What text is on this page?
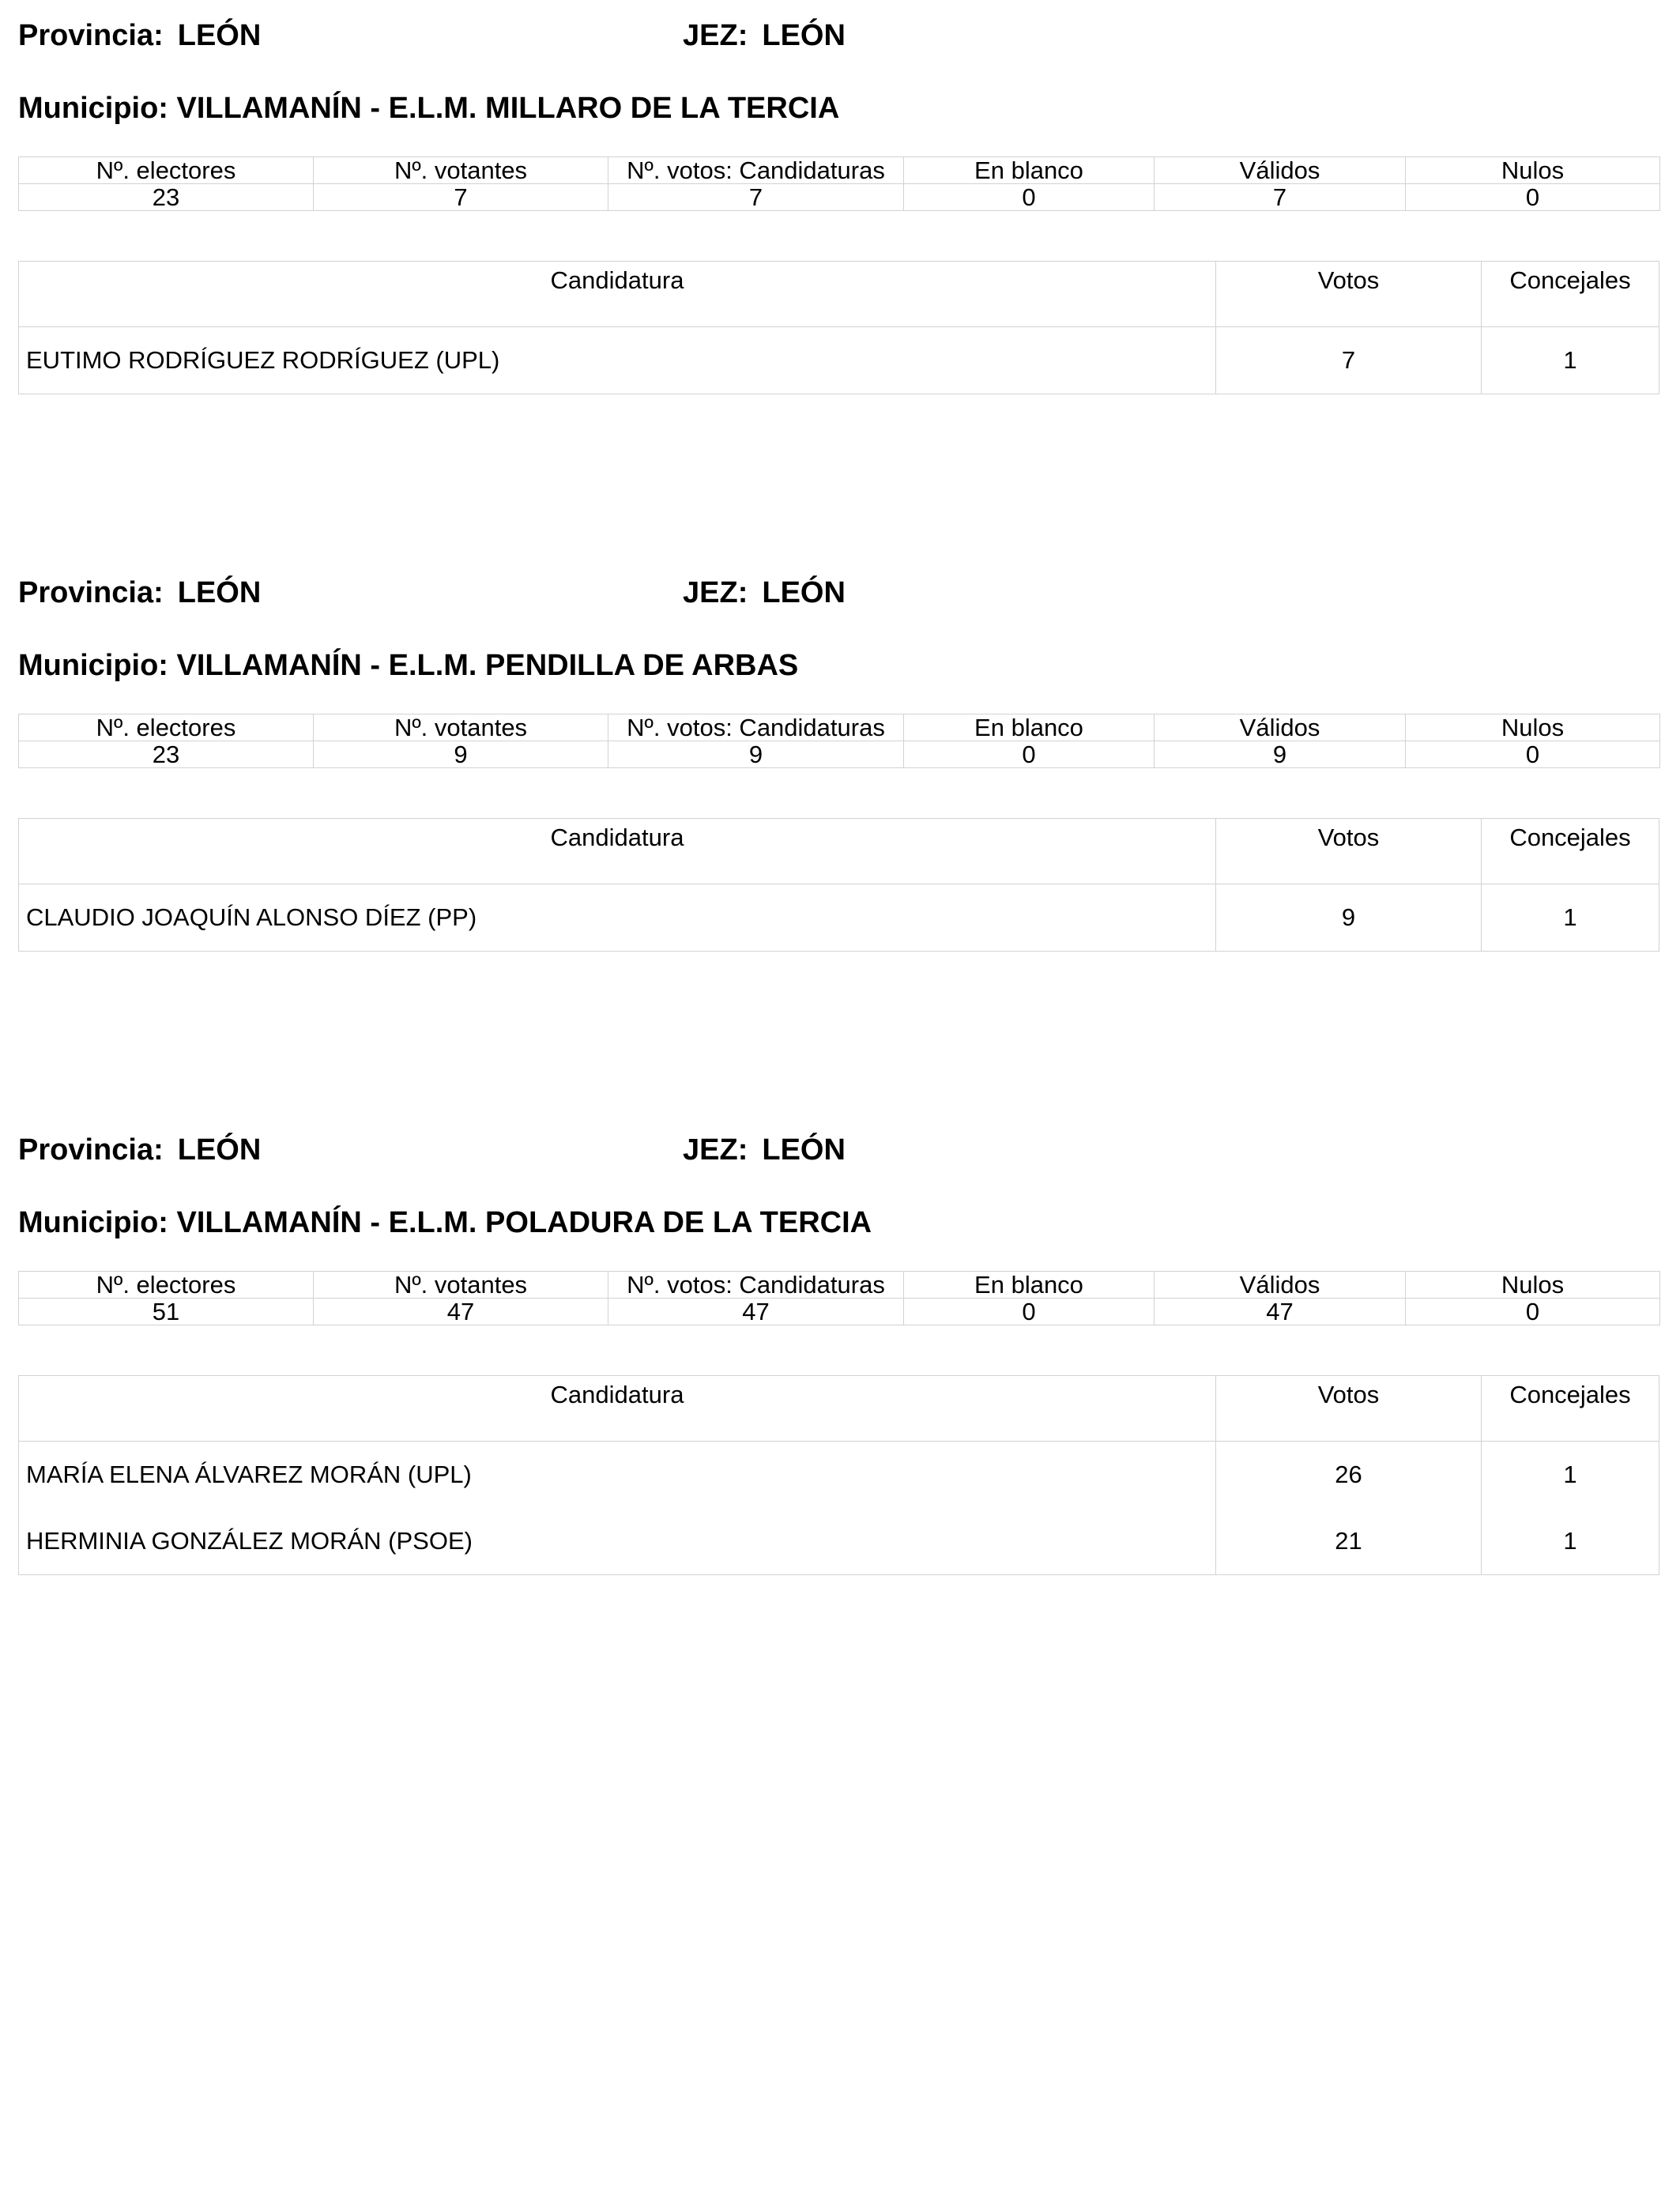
Provincia: LEÓN	JEZ: LEÓN
Municipio: VILLAMANÍN - E.L.M. MILLARO DE LA TERCIA
Nº. electores	Nº. votantes	Nº. votos: Candidaturas	En blanco	Válidos	Nulos
23	7	7	0	7	0
Candidatura	Votos	Concejales
EUTIMO RODRÍGUEZ RODRÍGUEZ (UPL)	7	1
Provincia: LEÓN	JEZ: LEÓN
Municipio: VILLAMANÍN - E.L.M. PENDILLA DE ARBAS
Nº. electores	Nº. votantes	Nº. votos: Candidaturas	En blanco	Válidos	Nulos
23	9	9	0	9	0
Candidatura	Votos	Concejales
CLAUDIO JOAQUÍN ALONSO DÍEZ (PP)	9	1
Provincia: LEÓN	JEZ: LEÓN
Municipio: VILLAMANÍN - E.L.M. POLADURA DE LA TERCIA
Nº. electores	Nº. votantes	Nº. votos: Candidaturas	En blanco	Válidos	Nulos
51	47	47	0	47	0
Candidatura	Votos	Concejales
MARÍA ELENA ÁLVAREZ MORÁN (UPL)	26	1
HERMINIA GONZÁLEZ MORÁN (PSOE)	21	1
